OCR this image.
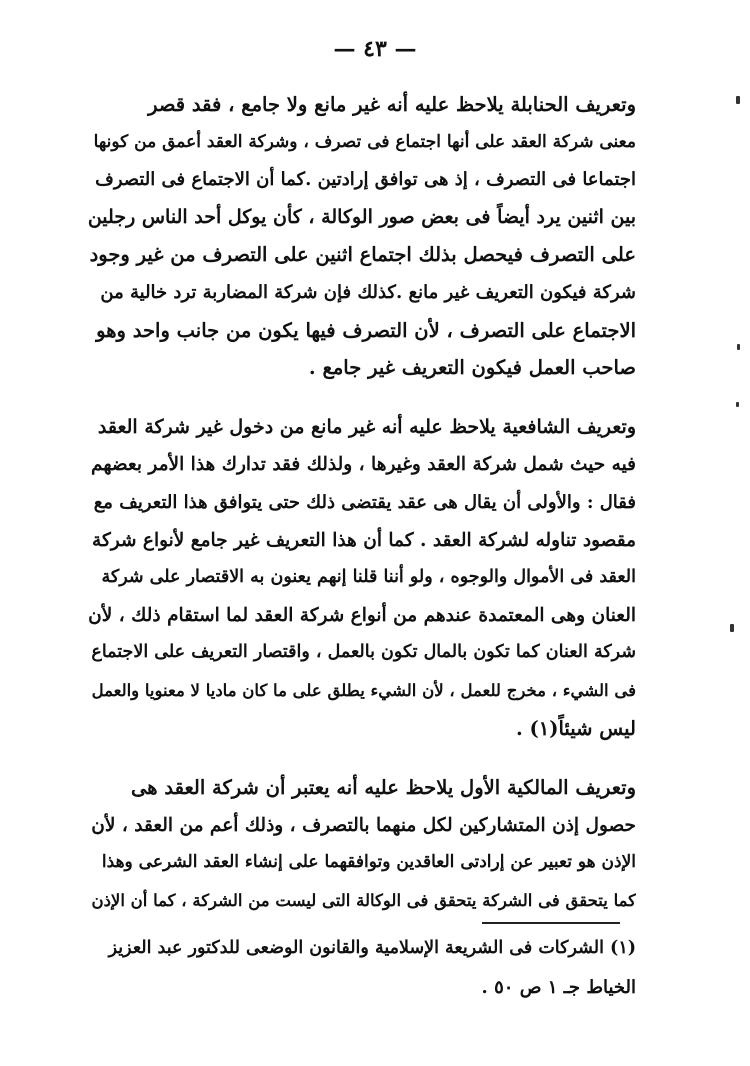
— ٤٣ —
وتعريف الحنابلة يلاحظ عليه أنه غير مانع ولا جامع ، فقد قصر
معنى شركة العقد على أنها اجتماع فى تصرف ، وشركة العقد أعمق من كونها
اجتماعا فى التصرف ، إذ هى توافق إرادتين .كما أن الاجتماع فى التصرف
بين اثنين يرد أيضاً فى بعض صور الوكالة ، كأن يوكل أحد الناس رجلين
على التصرف فيحصل بذلك اجتماع اثنين على التصرف من غير وجود
شركة فيكون التعريف غير مانع .كذلك فإن شركة المضاربة ترد خالية من
الاجتماع على التصرف ، لأن التصرف فيها يكون من جانب واحد وهو
صاحب العمل فيكون التعريف غير جامع .
وتعريف الشافعية يلاحظ عليه أنه غير مانع من دخول غير شركة العقد
فيه حيث شمل شركة العقد وغيرها ، ولذلك فقد تدارك هذا الأمر بعضهم
فقال : والأولى أن يقال هى عقد يقتضى ذلك حتى يتوافق هذا التعريف مع
مقصود تناوله لشركة العقد . كما أن هذا التعريف غير جامع لأنواع شركة
العقد فى الأموال والوجوه ، ولو أننا قلنا إنهم يعنون به الاقتصار على شركة
العنان وهى المعتمدة عندهم من أنواع شركة العقد لما استقام ذلك ، لأن
شركة العنان كما تكون بالمال تكون بالعمل ، واقتصار التعريف على الاجتماع
فى الشيء ، مخرج للعمل ، لأن الشيء يطلق على ما كان ماديا لا معنويا والعمل
ليس شيئاً(١) .
وتعريف المالكية الأول يلاحظ عليه أنه يعتبر أن شركة العقد هى
حصول إذن المتشاركين لكل منهما بالتصرف ، وذلك أعم من العقد ، لأن
الإذن هو تعبير عن إرادتى العاقدين وتوافقهما على إنشاء العقد الشرعى وهذا
كما يتحقق فى الشركة يتحقق فى الوكالة التى ليست من الشركة ، كما أن الإذن
(١) الشركات فى الشريعة الإسلامية والقانون الوضعى للدكتور عبد العزيز
الخياط جـ ١ ص ٥٠ .
